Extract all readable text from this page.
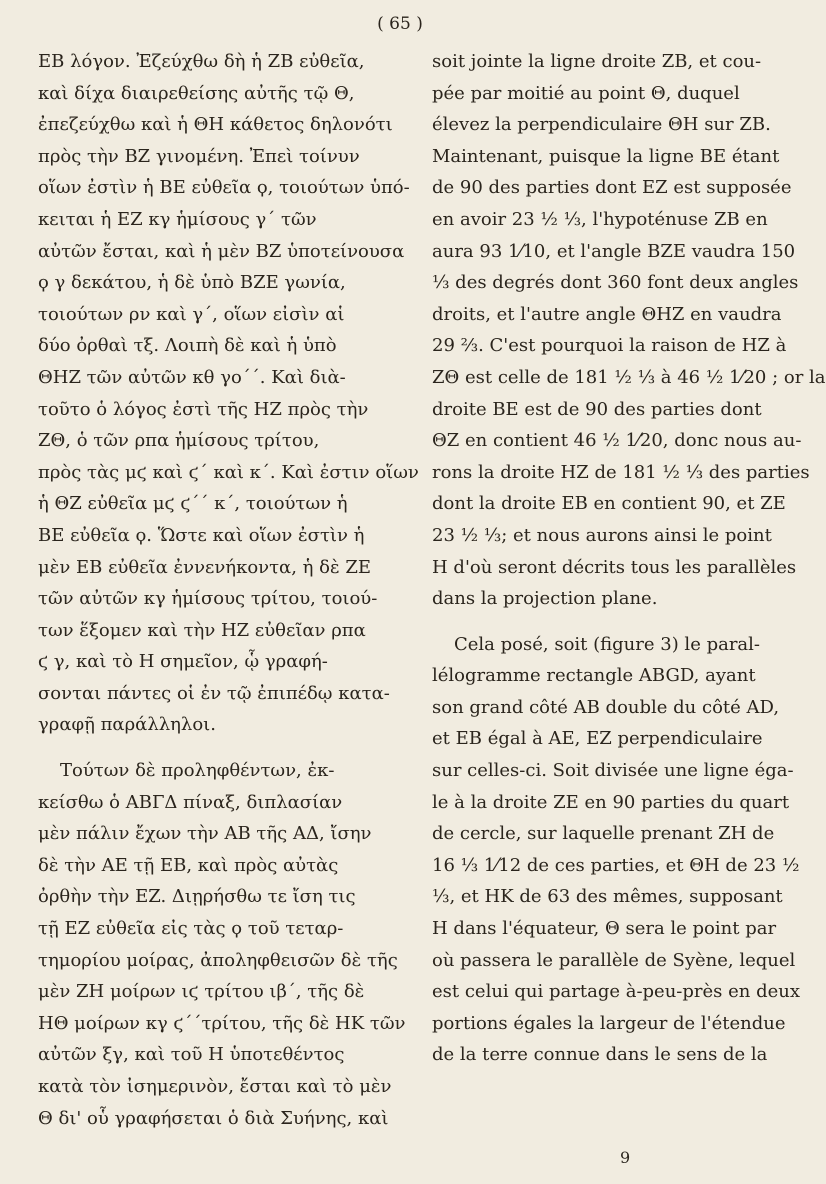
( 65 )
EB λόγον. Ἐζεύχθω δὴ ἡ ZB εὐθεῖα,
καὶ δίχα διαιρεθείσης αὐτῆς τῷ Θ,
ἐπεζεύχθω καὶ ἡ ΘΗ κάθετος δηλονότι
πρὸς τὴν BZ γινομένη. Ἐπεὶ τοίνυν
οἵων ἐστὶν ἡ BE εὐθεῖα ϙ, τοιούτων ὑπό-
κειται ἡ EZ κγ ἡμίσους γ΄ τῶν
αὐτῶν ἔσται, καὶ ἡ μὲν BZ ὑποτείνουσα
ϙ γ δεκάτου, ἡ δὲ ὑπὸ BZE γωνία,
τοιούτων ρν καὶ γ΄, οἵων εἰσὶν αἱ
δύο ὀρθαὶ τξ. Λοιπὴ δὲ καὶ ἡ ὑπὸ
ΘHZ τῶν αὐτῶν κθ γο΄΄. Καὶ διὰ-
τοῦτο ὁ λόγος ἐστὶ τῆς HZ πρὸς τὴν
ZΘ, ὁ τῶν ρπα ἡμίσους τρίτου,
πρὸς τὰς μϛ καὶ ϛ΄ καὶ κ΄. Καὶ ἐστιν οἵων
ἡ ΘZ εὐθεῖα μϛ ϛ΄΄ κ΄, τοιούτων ἡ
BE εὐθεῖα ϙ. Ὥστε καὶ οἵων ἐστὶν ἡ
μὲν EB εὐθεῖα ἐννενήκοντα, ἡ δὲ ZE
τῶν αὐτῶν κγ ἡμίσους τρίτου, τοιού-
των ἕξομεν καὶ τὴν HZ εὐθεῖαν ρπα
ϛ γ, καὶ τὸ H σημεῖον, ᾧ γραφή-
σονται πάντες οἱ ἐν τῷ ἐπιπέδῳ κατα-
γραφῇ παράλληλοι.
Τούτων δὲ προληφθέντων, ἐκ-
κείσθω ὁ ABΓΔ πίναξ, διπλασίαν
μὲν πάλιν ἔχων τὴν AB τῆς AΔ, ἴσην
δὲ τὴν AE τῇ EB, καὶ πρὸς αὐτὰς
ὀρθὴν τὴν EZ. Διῃρήσθω τε ἴση τις
τῇ EZ εὐθεῖα εἰς τὰς ϙ τοῦ τεταρ-
τημορίου μοίρας, ἀποληφθεισῶν δὲ τῆς
μὲν ZH μοίρων ιϛ τρίτου ιβ΄, τῆς δὲ
HΘ μοίρων κγ ϛ΄΄τρίτου, τῆς δὲ HK τῶν
αὐτῶν ξγ, καὶ τοῦ H ὑποτεθέντος
κατὰ τὸν ἰσημερινὸν, ἔσται καὶ τὸ μὲν
Θ δι' οὗ γραφήσεται ὁ διὰ Συήνης, καὶ
soit jointe la ligne droite ZB, et cou-
pée par moitié au point Θ, duquel
élevez la perpendiculaire ΘH sur ZB.
Maintenant, puisque la ligne BE étant
de 90 des parties dont EZ est supposée
en avoir 23 ½ ⅓, l'hypoténuse ZB en
aura 93 1⁄10, et l'angle BZE vaudra 150
⅓ des degrés dont 360 font deux angles
droits, et l'autre angle ΘHZ en vaudra
29 ⅔. C'est pourquoi la raison de HZ à
ZΘ est celle de 181 ½ ⅓ à 46 ½ 1⁄20 ; or la
droite BE est de 90 des parties dont
ΘZ en contient 46 ½ 1⁄20, donc nous au-
rons la droite HZ de 181 ½ ⅓ des parties
dont la droite EB en contient 90, et ZE
23 ½ ⅓; et nous aurons ainsi le point
H d'où seront décrits tous les parallèles
dans la projection plane.
Cela posé, soit (figure 3) le paral-
lélogramme rectangle ABGD, ayant
son grand côté AB double du côté AD,
et EB égal à AE, EZ perpendiculaire
sur celles-ci. Soit divisée une ligne éga-
le à la droite ZE en 90 parties du quart
de cercle, sur laquelle prenant ZH de
16 ⅓ 1⁄12 de ces parties, et ΘH de 23 ½
⅓, et HK de 63 des mêmes, supposant
H dans l'équateur, Θ sera le point par
où passera le parallèle de Syène, lequel
est celui qui partage à-peu-près en deux
portions égales la largeur de l'étendue
de la terre connue dans le sens de la
9
